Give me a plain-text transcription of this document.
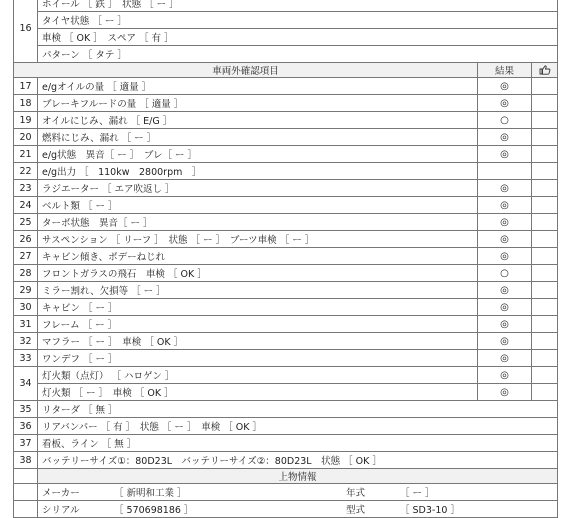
16	ホイール ［ 鉄 ］　状態 ［ ー ］		
	タイヤ状態 ［ ー ］		
	車検 ［ OK ］　スペア ［ 有 ］		
	パターン ［ タテ ］		
車両外確認項目		結果	
17	e/gオイルの量 ［ 適量 ］	◎	
18	ブレーキフルードの量 ［ 適量 ］	◎	
19	オイルにじみ、漏れ ［ E/G ］	○	
20	燃料にじみ、漏れ ［ ー ］	◎	
21	e/g状態　異音［ ー ］　ブレ［ ー ］	◎	
22	e/g出力 ［　110kw　2800rpm　］		
23	ラジエーター ［ エア吹返し ］	◎	
24	ベルト類 ［ ー ］	◎	
25	ターボ状態　異音［ ー ］	◎	
26	サスペンション ［ リーフ ］　状態 ［ ー ］　ブーツ車検 ［ ー ］	◎	
27	キャビン傾き、ボデーねじれ	◎	
28	フロントガラスの飛石　車検 ［ OK ］	○	
29	ミラー割れ、欠損等 ［ ー ］	◎	
30	キャビン ［ ー ］	◎	
31	フレーム ［ ー ］	◎	
32	マフラー ［ ー ］　車検 ［ OK ］	◎	
33	ワンデフ ［ ー ］	◎	
34	灯火類（点灯） ［ ハロゲン ］	◎	
	灯火類 ［ ー ］　車検 ［ OK ］	◎	
35	リターダ ［ 無 ］		
36	リアバンパー ［ 有 ］　状態 ［ ー ］　車検 ［ OK ］		
37	看板、ライン ［ 無 ］		
38	バッテリーサイズ①：80D23L　バッテリーサイズ②：80D23L　状態 ［ OK ］		
	上物情報		
	メーカー ［ 新明和工業 ］ 年式 ［ ー ］		
	シリアル ［ 570698186 ］ 型式 ［ SD3-10 ］		
